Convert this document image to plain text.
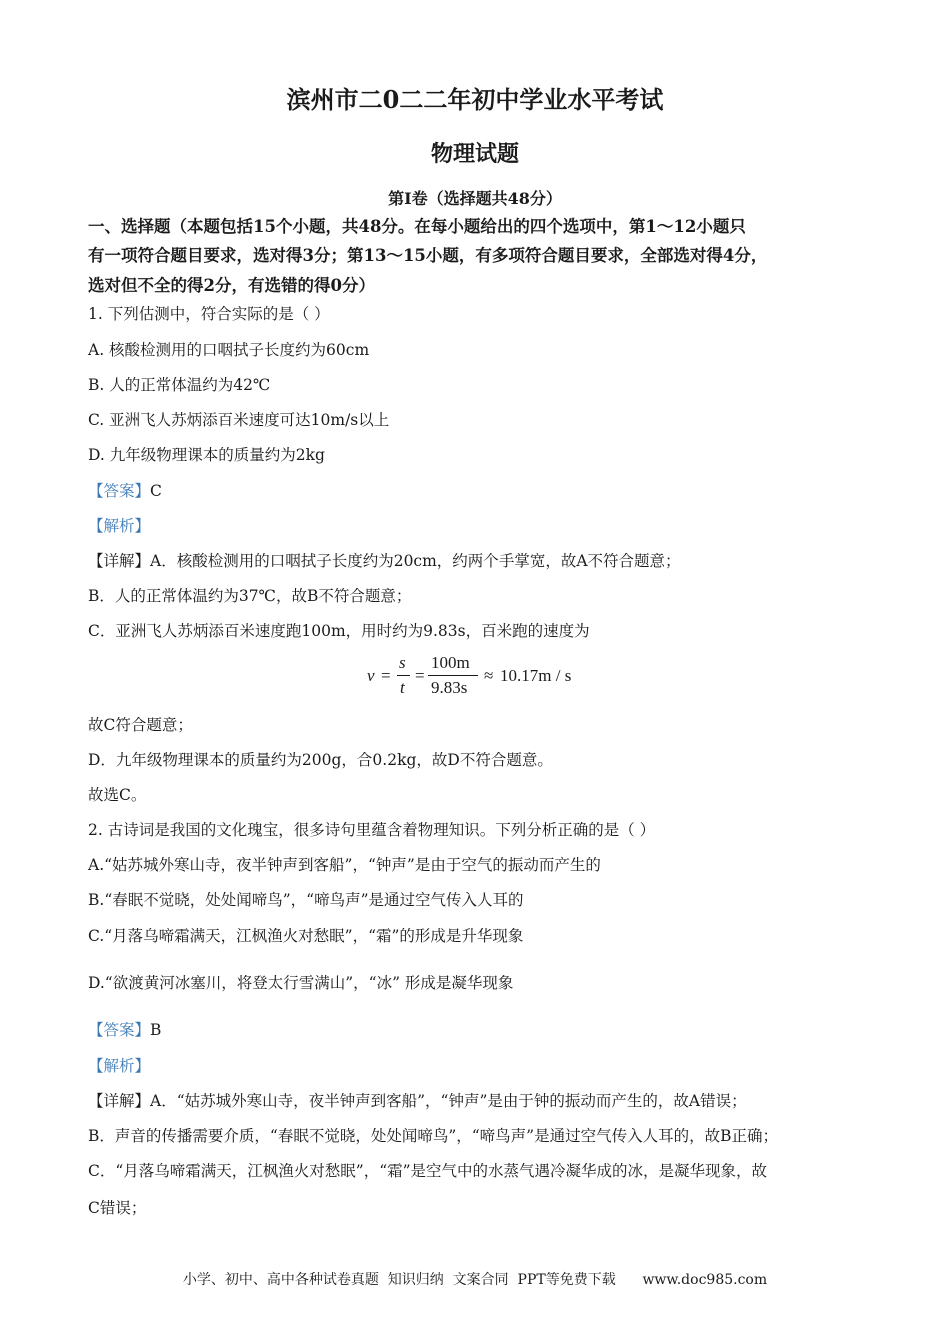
滨州市二0二二年初中学业水平考试
物理试题
第Ⅰ卷（选择题共48分）
一、选择题（本题包括15个小题，共48分。在每小题给出的四个选项中，第1～12小题只
有一项符合题目要求，选对得3分；第13～15小题，有多项符合题目要求，全部选对得4分，
选对但不全的得2分，有选错的得0分）
1. 下列估测中，符合实际的是（ ）
A. 核酸检测用的口咽拭子长度约为60cm
B. 人的正常体温约为42℃
C. 亚洲飞人苏炳添百米速度可达10m/s以上
D. 九年级物理课本的质量约为2kg
【答案】C
【解析】
【详解】A．核酸检测用的口咽拭子长度约为20cm，约两个手掌宽，故A不符合题意；
B．人的正常体温约为37℃，故B不符合题意；
C．亚洲飞人苏炳添百米速度跑100m，用时约为9.83s，百米跑的速度为
v =
s
t
=
100m
9.83s
≈ 10.17m / s
故C符合题意；
D．九年级物理课本的质量约为200g，合0.2kg，故D不符合题意。
故选C。
2. 古诗词是我国的文化瑰宝，很多诗句里蕴含着物理知识。下列分析正确的是（ ）
A.“姑苏城外寒山寺，夜半钟声到客船”，“钟声”是由于空气的振动而产生的
B.“春眠不觉晓，处处闻啼鸟”，“啼鸟声”是通过空气传入人耳的
C.“月落乌啼霜满天，江枫渔火对愁眠”，“霜”的形成是升华现象
D.“欲渡黄河冰塞川，将登太行雪满山”，“冰” 形成是凝华现象
【答案】B
【解析】
【详解】A．“姑苏城外寒山寺，夜半钟声到客船”，“钟声”是由于钟的振动而产生的，故A错误；
B．声音的传播需要介质，“春眠不觉晓，处处闻啼鸟”，“啼鸟声”是通过空气传入人耳的，故B正确；
C．“月落乌啼霜满天，江枫渔火对愁眠”，“霜”是空气中的水蒸气遇冷凝华成的冰，是凝华现象，故
C错误；
小学、初中、高中各种试卷真题  知识归纳  文案合同  PPT等免费下载      www.doc985.com
